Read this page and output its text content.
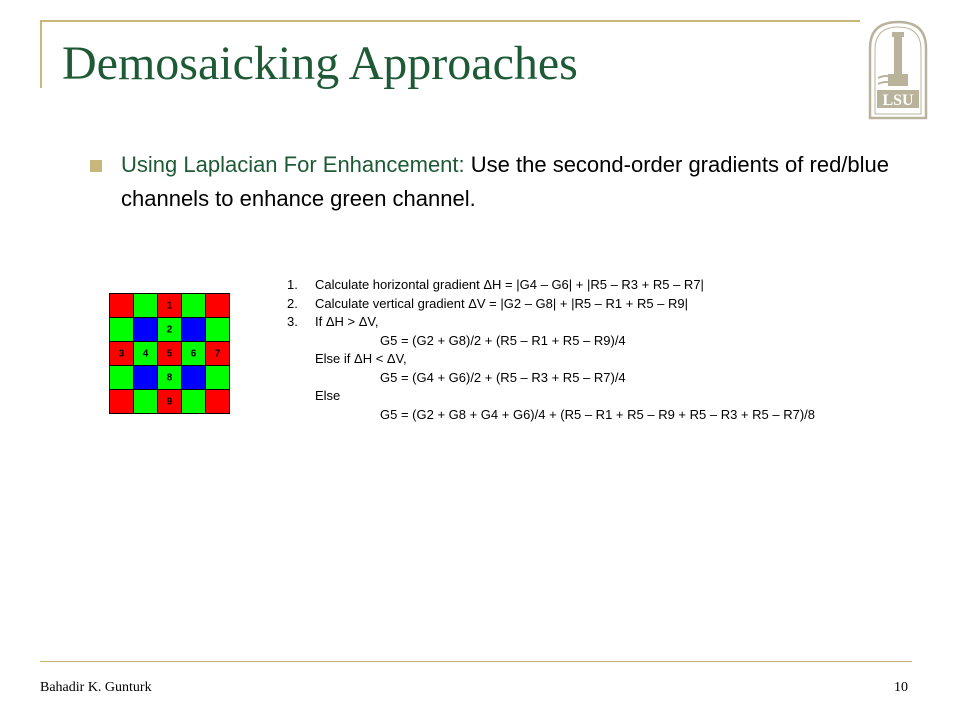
Demosaicking Approaches
LSU
Using Laplacian For Enhancement: Use the second-order gradients of red/blue channels to enhance green channel.
1
2
3 4 5 6 7
8
9
1. Calculate horizontal gradient ΔH = |G4 – G6| + |R5 – R3 + R5 – R7|
2. Calculate vertical gradient ΔV = |G2 – G8| + |R5 – R1 + R5 – R9|
3. If ΔH > ΔV,
G5 = (G2 + G8)/2 + (R5 – R1 + R5 – R9)/4
Else if ΔH < ΔV,
G5 = (G4 + G6)/2 + (R5 – R3 + R5 – R7)/4
Else
G5 = (G2 + G8 + G4 + G6)/4 + (R5 – R1 + R5 – R9 + R5 – R3 + R5 – R7)/8
Bahadir K. Gunturk	10
